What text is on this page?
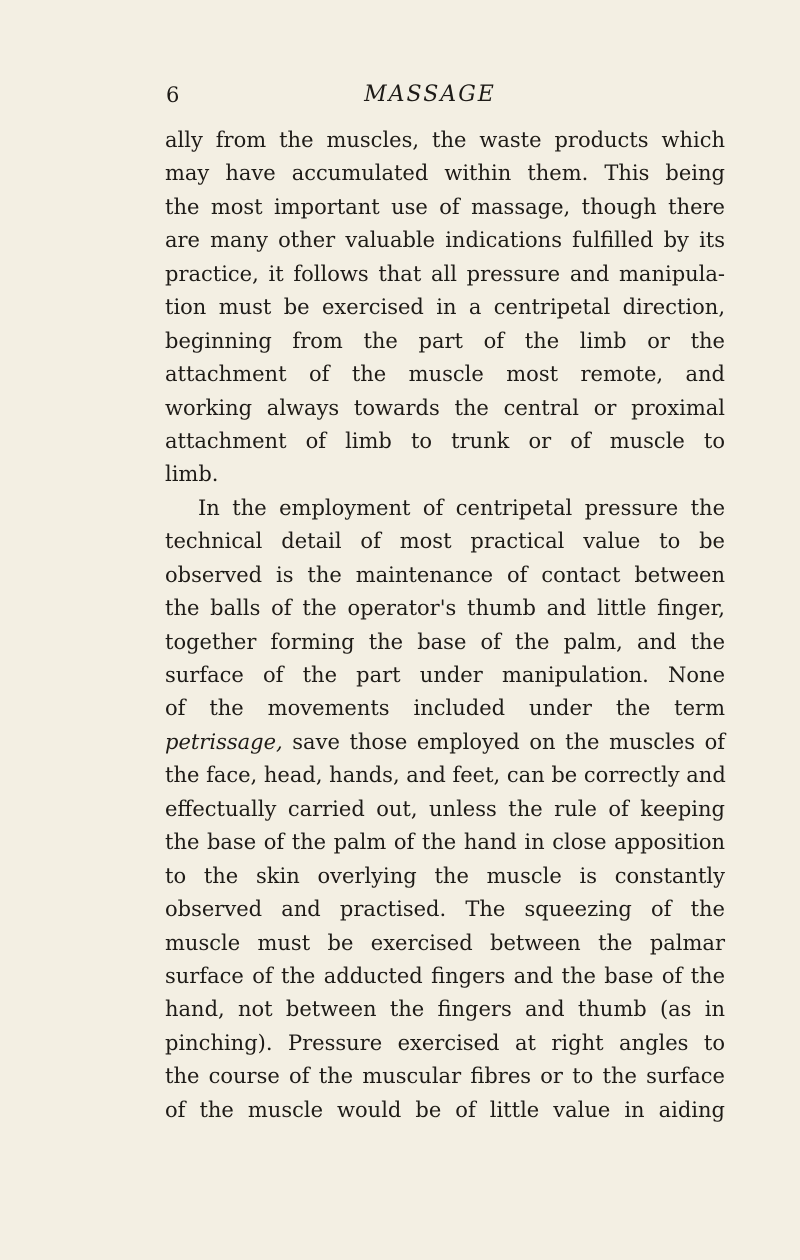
6	MASSAGE
ally from the muscles, the waste products which
may have accumulated within them. This being
the most important use of massage, though there
are many other valuable indications fulfilled by its
practice, it follows that all pressure and manipula-
tion must be exercised in a centripetal direction,
beginning from the part of the limb or the
attachment of the muscle most remote, and
working always towards the central or proximal
attachment of limb to trunk or of muscle to
limb.
In the employment of centripetal pressure the
technical detail of most practical value to be
observed is the maintenance of contact between
the balls of the operator's thumb and little finger,
together forming the base of the palm, and the
surface of the part under manipulation. None
of the movements included under the term
petrissage, save those employed on the muscles of
the face, head, hands, and feet, can be correctly and
effectually carried out, unless the rule of keeping
the base of the palm of the hand in close apposition
to the skin overlying the muscle is constantly
observed and practised. The squeezing of the
muscle must be exercised between the palmar
surface of the adducted fingers and the base of the
hand, not between the fingers and thumb (as in
pinching). Pressure exercised at right angles to
the course of the muscular fibres or to the surface
of the muscle would be of little value in aiding
